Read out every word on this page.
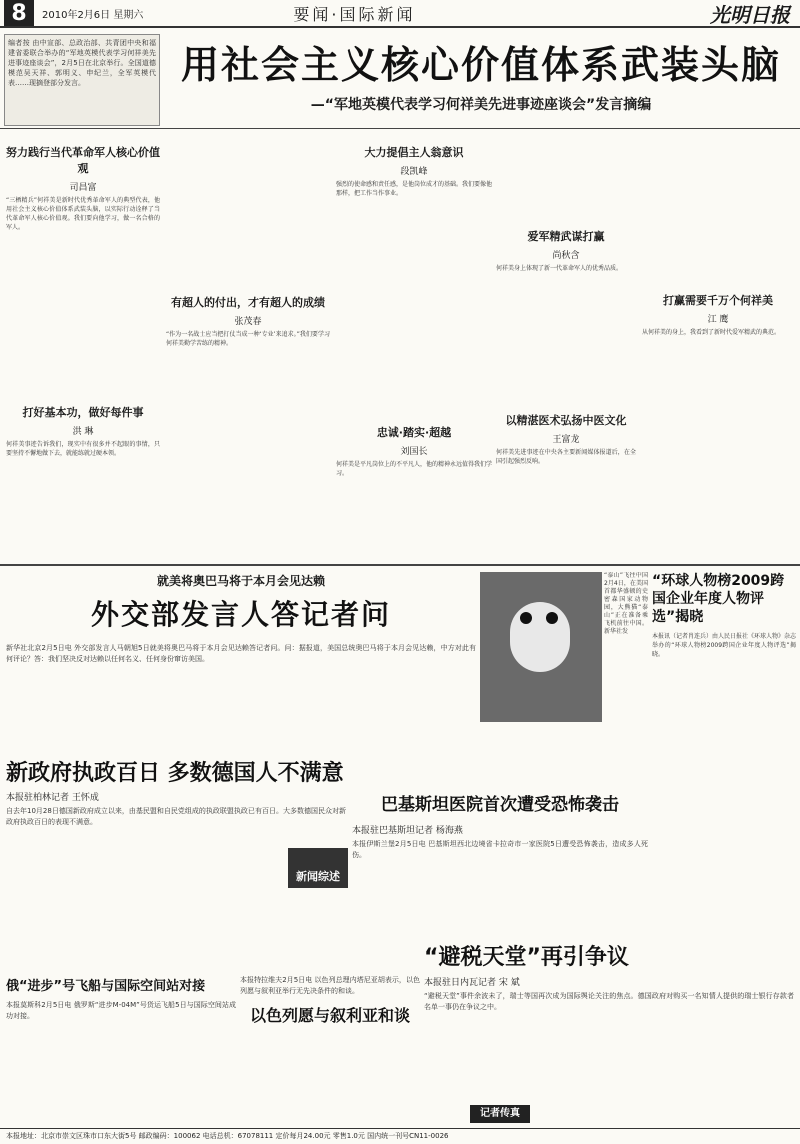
8	2010年2月6日 星期六	要闻·国际新闻	光明日报
编者按 由中宣部、总政治部、共青团中央和福建省委联合举办的“军地英模代表学习何祥美先进事迹座谈会”，2月5日在北京举行。全国道德模范吴天祥、郭明义、申纪兰，全军英模代表……现摘登部分发言。	用社会主义核心价值体系武装头脑
—“军地英模代表学习何祥美先进事迹座谈会”发言摘编
努力践行当代革命军人核心价值观
司昌富
“三栖精兵”何祥美是新时代优秀革命军人的典型代表，他用社会主义核心价值体系武装头脑，以实际行动诠释了当代革命军人核心价值观。我们要向他学习，做一名合格的军人。
打好基本功，做好每件事
洪 琳
何祥美事迹告诉我们，现实中有很多并不起眼的事情，只要坚持不懈地做下去，就能练就过硬本领。
有超人的付出，才有超人的成绩
张茂春
“作为一名战士应当把打仗当成一种‘专业’来追求。”我们要学习何祥美勤学苦练的精神。
大力提倡主人翁意识
段凯峰
强烈的使命感和责任感，是他岗位成才的基础。我们要像他那样，把工作当作事业。
忠诚·踏实·超越
刘国长
何祥美是平凡岗位上的不平凡人，他的精神永远值得我们学习。
爱军精武谋打赢
尚秋含
何祥美身上体现了新一代革命军人的优秀品质。
以精湛医术弘扬中医文化
王富龙
何祥美先进事迹在中央各主要新闻媒体报道后，在全国引起强烈反响。
打赢需要千万个何祥美
江 鹰
从何祥美的身上，我看到了新时代爱军精武的典范。
就美将奥巴马将于本月会见达赖
外交部发言人答记者问
新华社北京2月5日电 外交部发言人马朝旭5日就美将奥巴马将于本月会见达赖答记者问。问：据报道，美国总统奥巴马将于本月会见达赖，中方对此有何评论？答：我们坚决反对达赖以任何名义、任何身份窜访美国。
“泰山”飞往中国 2月4日，在美国首都华盛顿的史密森国家动物园，大熊猫“泰山”正在准备乘飞机前往中国。新华社发
“环球人物榜2009跨国企业年度人物评选”揭晓
本报讯（记者肖连兵）由人民日报社《环球人物》杂志举办的“环球人物榜2009跨国企业年度人物评选”揭晓。
新政府执政百日 多数德国人不满意
本报驻柏林记者 王怀成
自去年10月28日德国新政府成立以来，由基民盟和自民党组成的执政联盟执政已有百日。大多数德国民众对新政府执政百日的表现不满意。
新闻综述
巴基斯坦医院首次遭受恐怖袭击
本报驻巴基斯坦记者 杨海燕
本报伊斯兰堡2月5日电 巴基斯坦西北边境省卡拉奇市一家医院5日遭受恐怖袭击，造成多人死伤。
“避税天堂”再引争议
本报驻日内瓦记者 宋 斌
“避税天堂”事件余波未了，瑞士等国再次成为国际舆论关注的焦点。德国政府对购买一名知情人提供的瑞士银行存款者名单一事仍在争议之中。
俄“进步”号飞船与国际空间站对接
本报莫斯科2月5日电 俄罗斯“进步M-04M”号货运飞船5日与国际空间站成功对接。
本报特拉维夫2月5日电 以色列总理内塔尼亚胡表示，以色列愿与叙利亚举行无先决条件的和谈。
以色列愿与叙利亚和谈
记者传真
本报地址：北京市崇文区珠市口东大街5号 邮政编码：100062 电话总机：67078111 定价每月24.00元 零售1.0元 国内统一刊号CN11-0026
